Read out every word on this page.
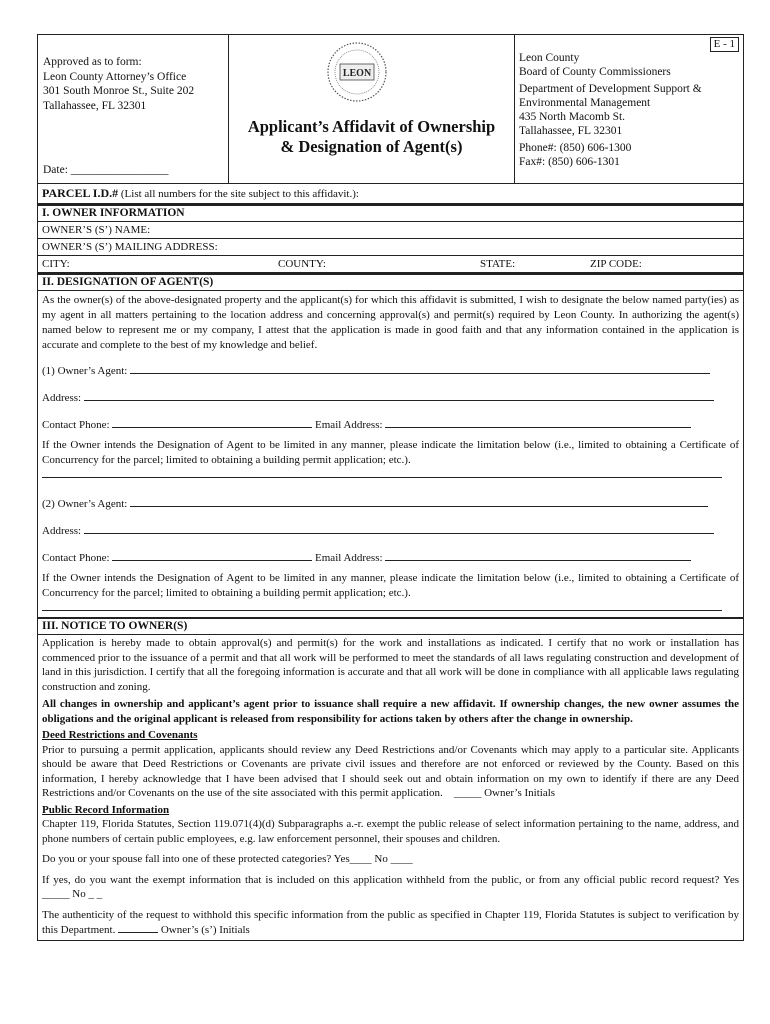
Approved as to form:
Leon County Attorney’s Office
301 South Monroe St., Suite 202
Tallahassee, FL 32301
Date: _________________
LEON
Applicant’s Affidavit of Ownership
& Designation of Agent(s)
E - 1
Leon County
Board of County Commissioners
Department of Development Support &
Environmental Management
435 North Macomb St.
Tallahassee, FL 32301
Phone#: (850) 606-1300
Fax#: (850) 606-1301
PARCEL I.D.# (List all numbers for the site subject to this affidavit.):
I. OWNER INFORMATION
OWNER’S (S’) NAME:
OWNER’S (S’) MAILING ADDRESS:
CITY:	COUNTY:	STATE:	ZIP CODE:
II. DESIGNATION OF AGENT(S)
As the owner(s) of the above-designated property and the applicant(s) for which this affidavit is submitted, I wish to designate the below named party(ies) as my agent in all matters pertaining to the location address and concerning approval(s) and permit(s) required by Leon County. In authorizing the agent(s) named below to represent me or my company, I attest that the application is made in good faith and that any information contained in the application is accurate and complete to the best of my knowledge and belief.
(1) Owner’s Agent:
Address:
Contact Phone:	Email Address:
If the Owner intends the Designation of Agent to be limited in any manner, please indicate the limitation below (i.e., limited to obtaining a Certificate of Concurrency for the parcel; limited to obtaining a building permit application; etc.).
(2) Owner’s Agent:
Address:
Contact Phone:	Email Address:
If the Owner intends the Designation of Agent to be limited in any manner, please indicate the limitation below (i.e., limited to obtaining a Certificate of Concurrency for the parcel; limited to obtaining a building permit application; etc.).
III. NOTICE TO OWNER(S)
Application is hereby made to obtain approval(s) and permit(s) for the work and installations as indicated. I certify that no work or installation has commenced prior to the issuance of a permit and that all work will be performed to meet the standards of all laws regulating construction and development of land in this jurisdiction. I certify that all the foregoing information is accurate and that all work will be done in compliance with all applicable laws regulating construction and zoning.
All changes in ownership and applicant’s agent prior to issuance shall require a new affidavit. If ownership changes, the new owner assumes the obligations and the original applicant is released from responsibility for actions taken by others after the change in ownership.
Deed Restrictions and Covenants
Prior to pursuing a permit application, applicants should review any Deed Restrictions and/or Covenants which may apply to a particular site. Applicants should be aware that Deed Restrictions or Covenants are private civil issues and therefore are not enforced or reviewed by the County. Based on this information, I hereby acknowledge that I have been advised that I should seek out and obtain information on my own to identify if there are any Deed Restrictions and/or Covenants on the use of the site associated with this permit application. _____ Owner’s Initials
Public Record Information
Chapter 119, Florida Statutes, Section 119.071(4)(d) Subparagraphs a.-r. exempt the public release of select information pertaining to the name, address, and phone numbers of certain public employees, e.g. law enforcement personnel, their spouses and children.
Do you or your spouse fall into one of these protected categories? Yes____ No ____
If yes, do you want the exempt information that is included on this application withheld from the public, or from any official public record request? Yes _____ No _ _
The authenticity of the request to withhold this specific information from the public as specified in Chapter 119, Florida Statutes is subject to verification by this Department.	Owner’s (s’) Initials
